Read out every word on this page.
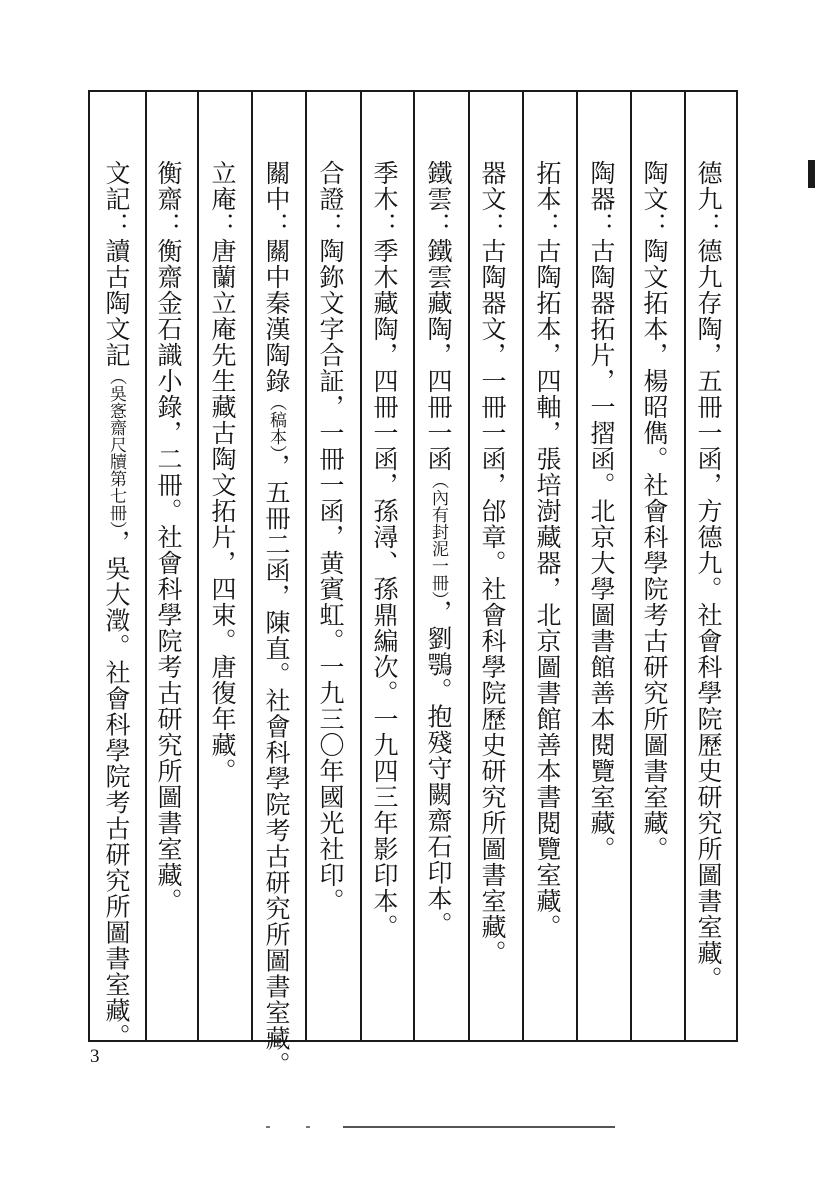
德九：德九存陶，五冊一函，方德九。社會科學院歷史研究所圖書室藏。
陶文：陶文拓本，楊昭儁。社會科學院考古研究所圖書室藏。
陶器：古陶器拓片，一摺函。北京大學圖書館善本閱覽室藏。
拓本：古陶拓本，四軸，張培澍藏器，北京圖書館善本書閱覽室藏。
器文：古陶器文，一冊一函，邰章。社會科學院歷史研究所圖書室藏。
鐵雲：鐵雲藏陶，四冊一函（內有封泥一冊），劉鶚。抱殘守闕齋石印本。
季木：季木藏陶，四冊一函，孫潯、孫鼎編次。一九四三年影印本。
合證：陶鉨文字合証，一冊一函，黄賓虹。一九三〇年國光社印。
關中：關中秦漢陶錄（稿本），五冊二函，陳直。社會科學院考古研究所圖書室藏。
立庵：唐蘭立庵先生藏古陶文拓片，四束。唐復年藏。
衡齋：衡齋金石識小錄，二冊。社會科學院考古研究所圖書室藏。
文記：讀古陶文記（吳愙齋尺牘第七冊），吳大澂。社會科學院考古研究所圖書室藏。
3
